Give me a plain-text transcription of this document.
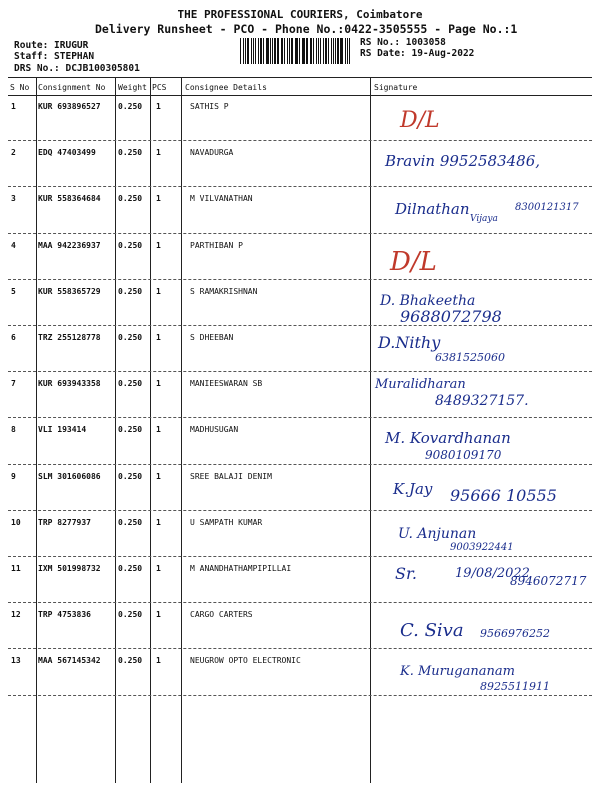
THE PROFESSIONAL COURIERS, Coimbatore
Delivery Runsheet - PCO - Phone No.:0422-3505555 - Page No.:1
Route: IRUGUR
Staff: STEPHAN
DRS No.: DCJB100305801
RS No.: 1003058
RS Date: 19-Aug-2022
S No Consignment No Weight PCS Consignee Details	Signature
1	KUR 693896527 0.250 1	SATHIS P
D/L
2	EDQ 47403499	0.250 1	NAVADURGA	Bravin 9952583486,
3	KUR 558364684 0.250 1	M VILVANATHAN
Dilnathan	8300121317
Vijaya
4	MAA 942236937 0.250 1	PARTHIBAN P
D/L
5	KUR 558365729 0.250 1	S RAMAKRISHNAN
D. Bhakeetha
9688072798
6	TRZ 255128778 0.250 1	S DHEEBAN	D.Nithy
6381525060
7	KUR 693943358 0.250 1	MANIEESWARAN SB	Muralidharan
8489327157.
8	VLI 193414	0.250 1	MADHUSUGAN	M. Kovardhanan
9080109170
9	SLM 301606086 0.250 1	SREE BALAJI DENIM
K.Jay 95666 10555
10 TRP 8277937	0.250 1	U SAMPATH KUMAR
U. Anjunan
9003922441
11 IXM 501998732 0.250 1	M ANANDHATHAMPIPILLAI	Sr.	19/08/2022
8946072717
12 TRP 4753836	0.250 1	CARGO CARTERS
C. Siva 9566976252
13 MAA 567145342 0.250 1	NEUGROW OPTO ELECTRONIC
K. Murugananam
8925511911
